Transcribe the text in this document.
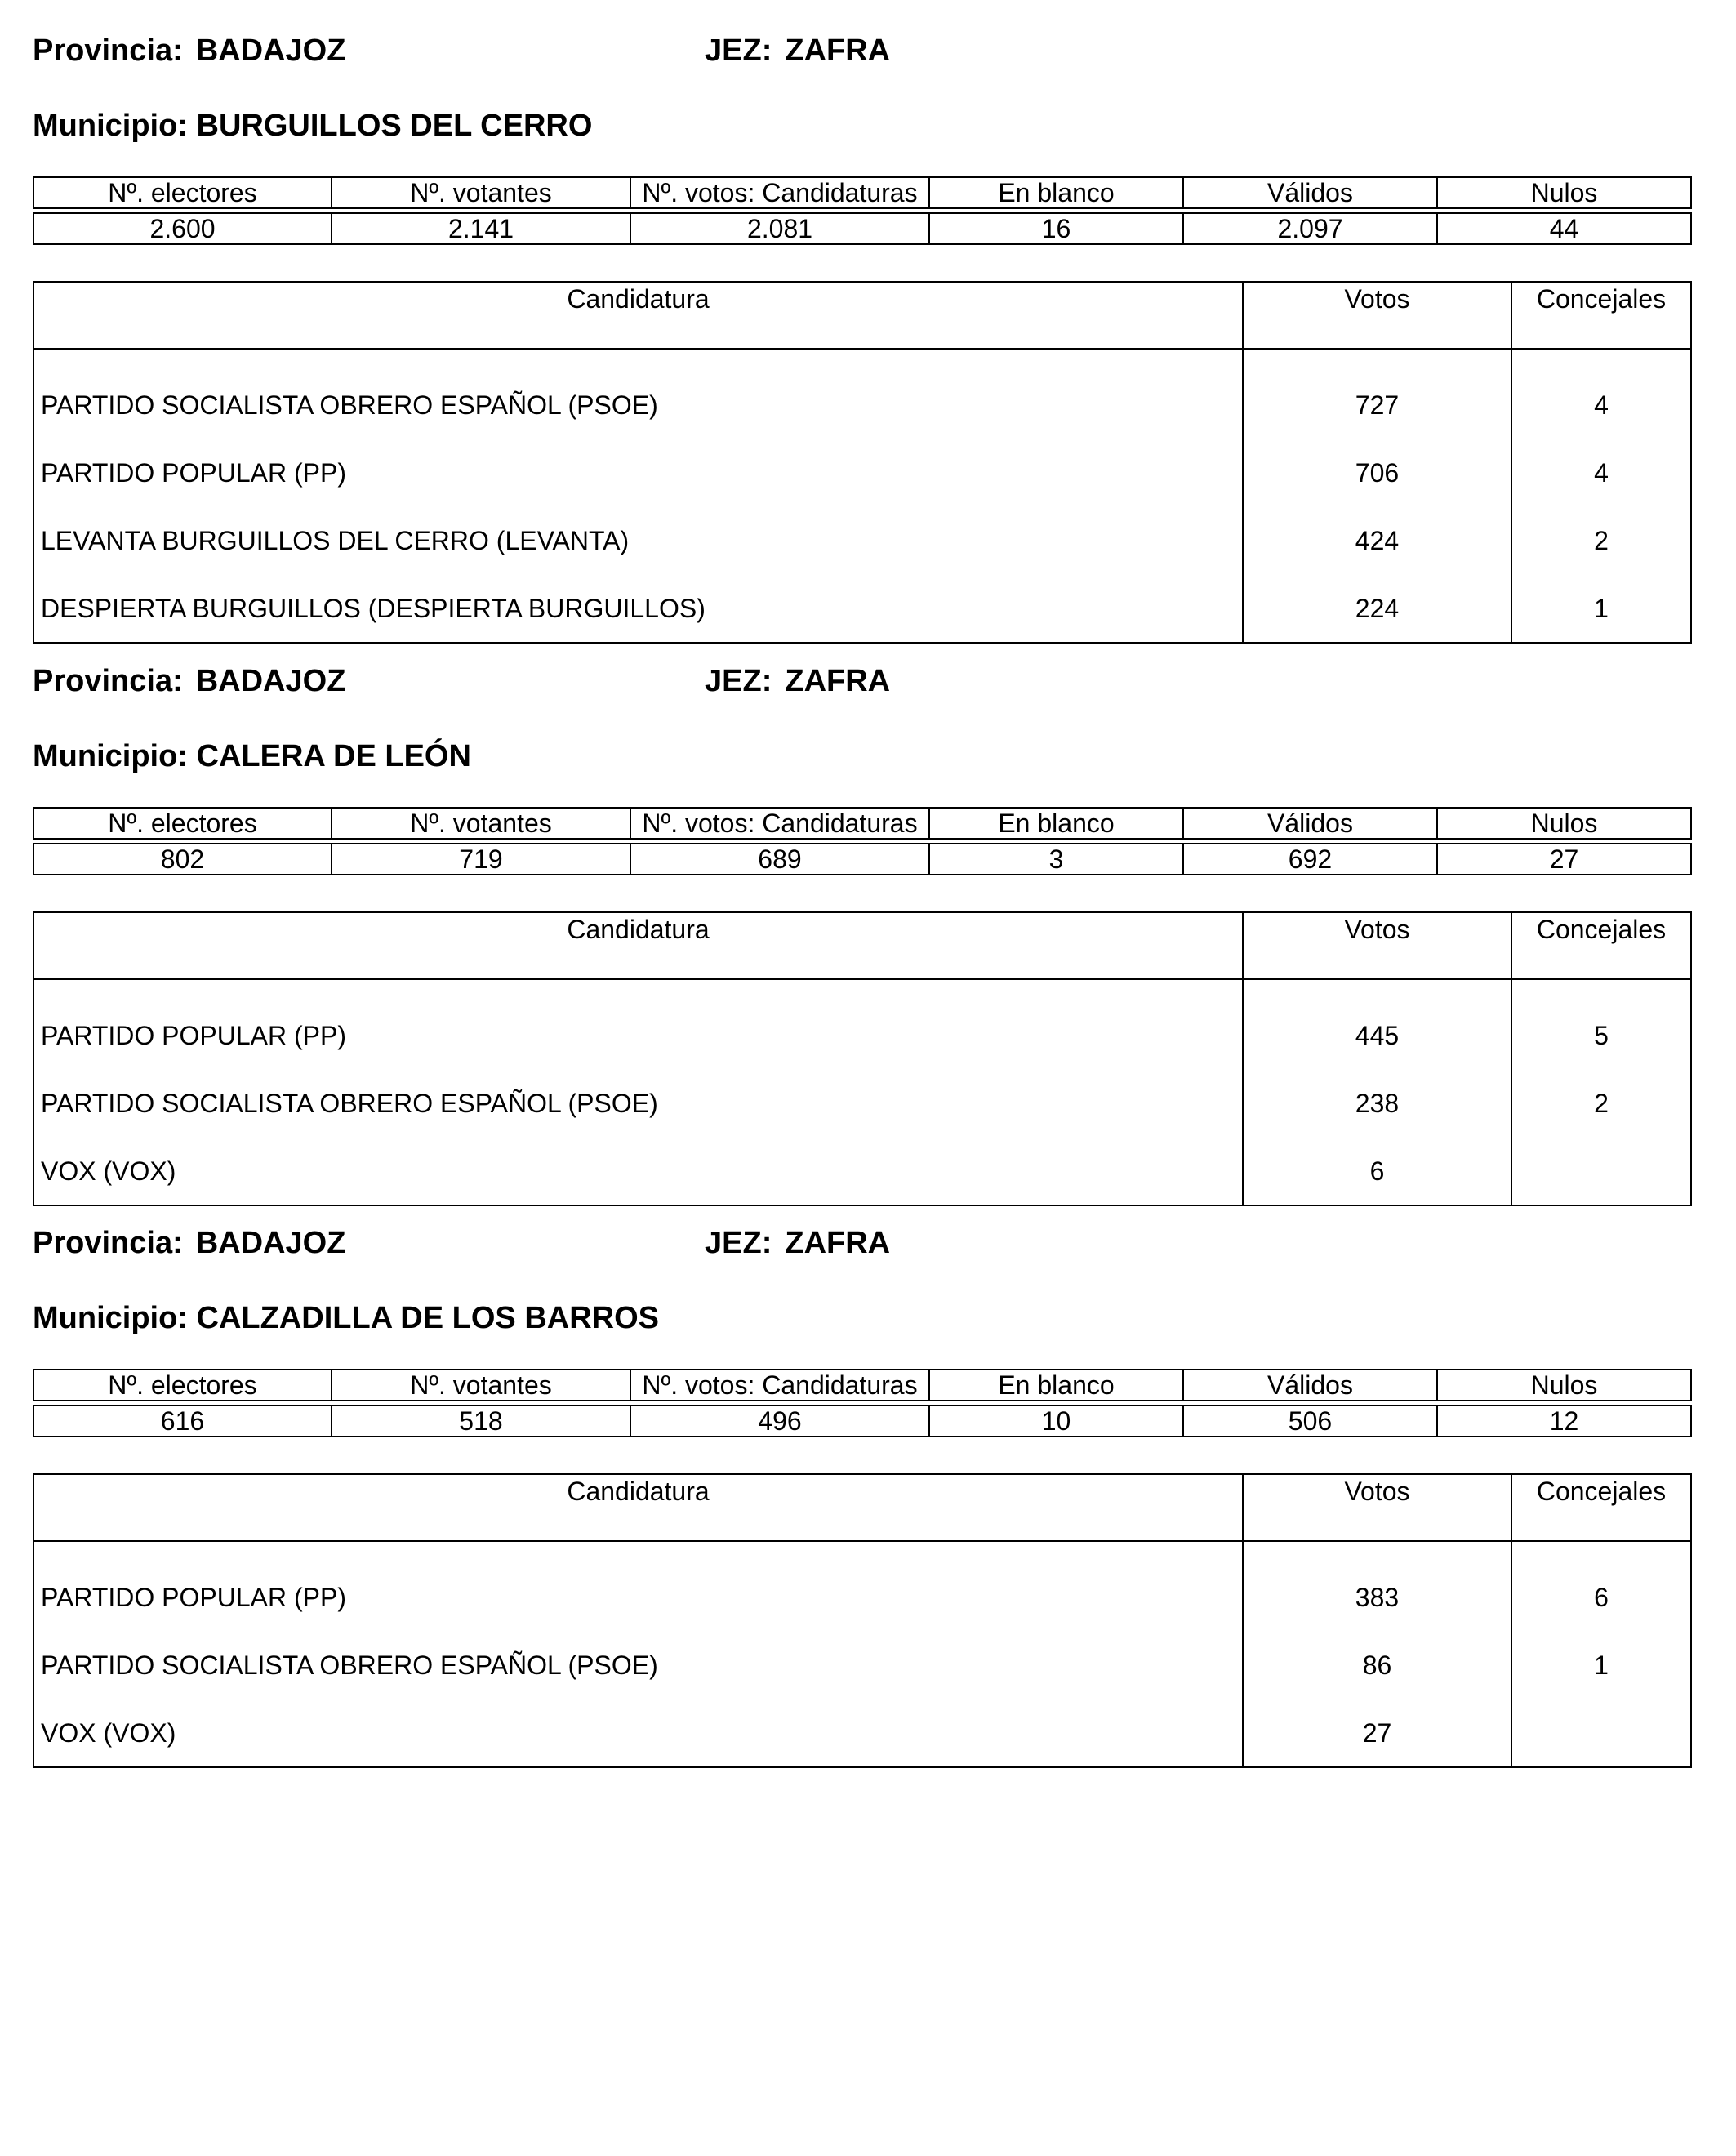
Provincia: BADAJOZ	JEZ: ZAFRA
Municipio: BURGUILLOS DEL CERRO
Nº. electores	Nº. votantes	Nº. votos: Candidaturas	En blanco	Válidos	Nulos

2.600	2.141	2.081	16	2.097	44
Candidatura	Votos	Concejales
PARTIDO SOCIALISTA OBRERO ESPAÑOL (PSOE)	727	4
PARTIDO POPULAR (PP)	706	4
LEVANTA BURGUILLOS DEL CERRO (LEVANTA)	424	2
DESPIERTA BURGUILLOS (DESPIERTA BURGUILLOS)	224	1
Provincia: BADAJOZ	JEZ: ZAFRA
Municipio: CALERA DE LEÓN
Nº. electores	Nº. votantes	Nº. votos: Candidaturas	En blanco	Válidos	Nulos

802	719	689	3	692	27
Candidatura	Votos	Concejales
PARTIDO POPULAR (PP)	445	5
PARTIDO SOCIALISTA OBRERO ESPAÑOL (PSOE)	238	2
VOX (VOX)	6	
Provincia: BADAJOZ	JEZ: ZAFRA
Municipio: CALZADILLA DE LOS BARROS
Nº. electores	Nº. votantes	Nº. votos: Candidaturas	En blanco	Válidos	Nulos

616	518	496	10	506	12
Candidatura	Votos	Concejales
PARTIDO POPULAR (PP)	383	6
PARTIDO SOCIALISTA OBRERO ESPAÑOL (PSOE)	86	1
VOX (VOX)	27	
